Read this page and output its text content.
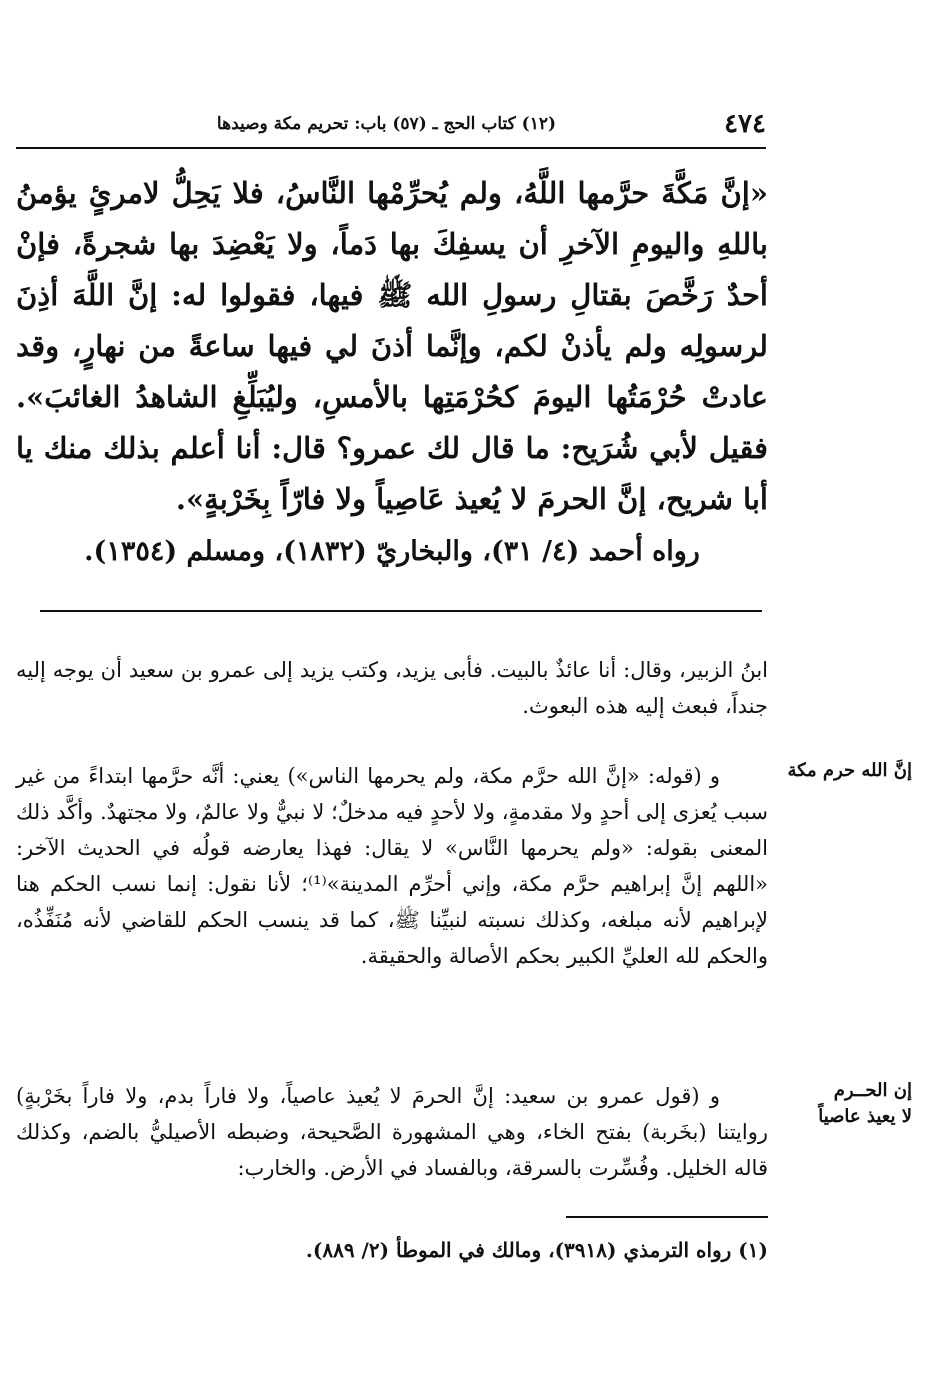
٤٧٤
(١٢) كتاب الحج ـ (٥٧) باب: تحريم مكة وصيدها

«إنَّ مَكَّةَ حرَّمها اللَّهُ، ولم يُحرِّمْها النَّاسُ، فلا يَحِلُّ لامرئٍ يؤمنُ باللهِ واليومِ الآخرِ أن يسفِكَ بها دَماً، ولا يَعْضِدَ بها شجرةً، فإنْ أحدٌ رَخَّصَ بقتالِ رسولِ الله ﷺ فيها، فقولوا له: إنَّ اللَّهَ أذِنَ لرسولِه ولم يأذنْ لكم، وإنَّما أذنَ لي فيها ساعةً من نهارٍ، وقد عادتْ حُرْمَتُها اليومَ كحُرْمَتِها بالأمسِ، وليُبَلِّغِ الشاهدُ الغائبَ». فقيل لأبي شُرَيح: ما قال لك عمرو؟ قال: أنا أعلم بذلك منك يا أبا شريح، إنَّ الحرمَ لا يُعيذ عَاصِياً ولا فارّاً بِخَرْبةٍ».

رواه أحمد (٤/ ٣١)، والبخاريّ (١٨٣٢)، ومسلم (١٣٥٤).

ابنُ الزبير، وقال: أنا عائذٌ بالبيت. فأبى يزيد، وكتب يزيد إلى عمرو بن سعيد أن يوجه إليه جنداً، فبعث إليه هذه البعوث.

و (قوله: «إنَّ الله حرَّم مكة، ولم يحرمها الناس») يعني: أنَّه حرَّمها ابتداءً من غير سبب يُعزى إلى أحدٍ ولا مقدمةٍ، ولا لأحدٍ فيه مدخلٌ؛ لا نبيٌّ ولا عالمٌ، ولا مجتهدٌ. وأكَّد ذلك المعنى بقوله: «ولم يحرمها النَّاس» لا يقال: فهذا يعارضه قولُه في الحديث الآخر: «اللهم إنَّ إبراهيم حرَّم مكة، وإني أحرِّم المدينة»⁽¹⁾؛ لأنا نقول: إنما نسب الحكم هنا لإبراهيم لأنه مبلغه، وكذلك نسبته لنبيِّنا ﷺ، كما قد ينسب الحكم للقاضي لأنه مُنَفِّذُه، والحكم لله العليِّ الكبير بحكم الأصالة والحقيقة.

و (قول عمرو بن سعيد: إنَّ الحرمَ لا يُعيذ عاصياً، ولا فاراً بدم، ولا فاراً بخَرْبةٍ) روايتنا (بخَربة) بفتح الخاء، وهي المشهورة الصَّحيحة، وضبطه الأصيليُّ بالضم، وكذلك قاله الخليل. وفُسِّرت بالسرقة، وبالفساد في الأرض. والخارب:

إنَّ الله حرم مكة
إن الحــرم
لا يعيذ عاصياً
(١) رواه الترمذي (٣٩١٨)، ومالك في الموطأ (٢/ ٨٨٩).
